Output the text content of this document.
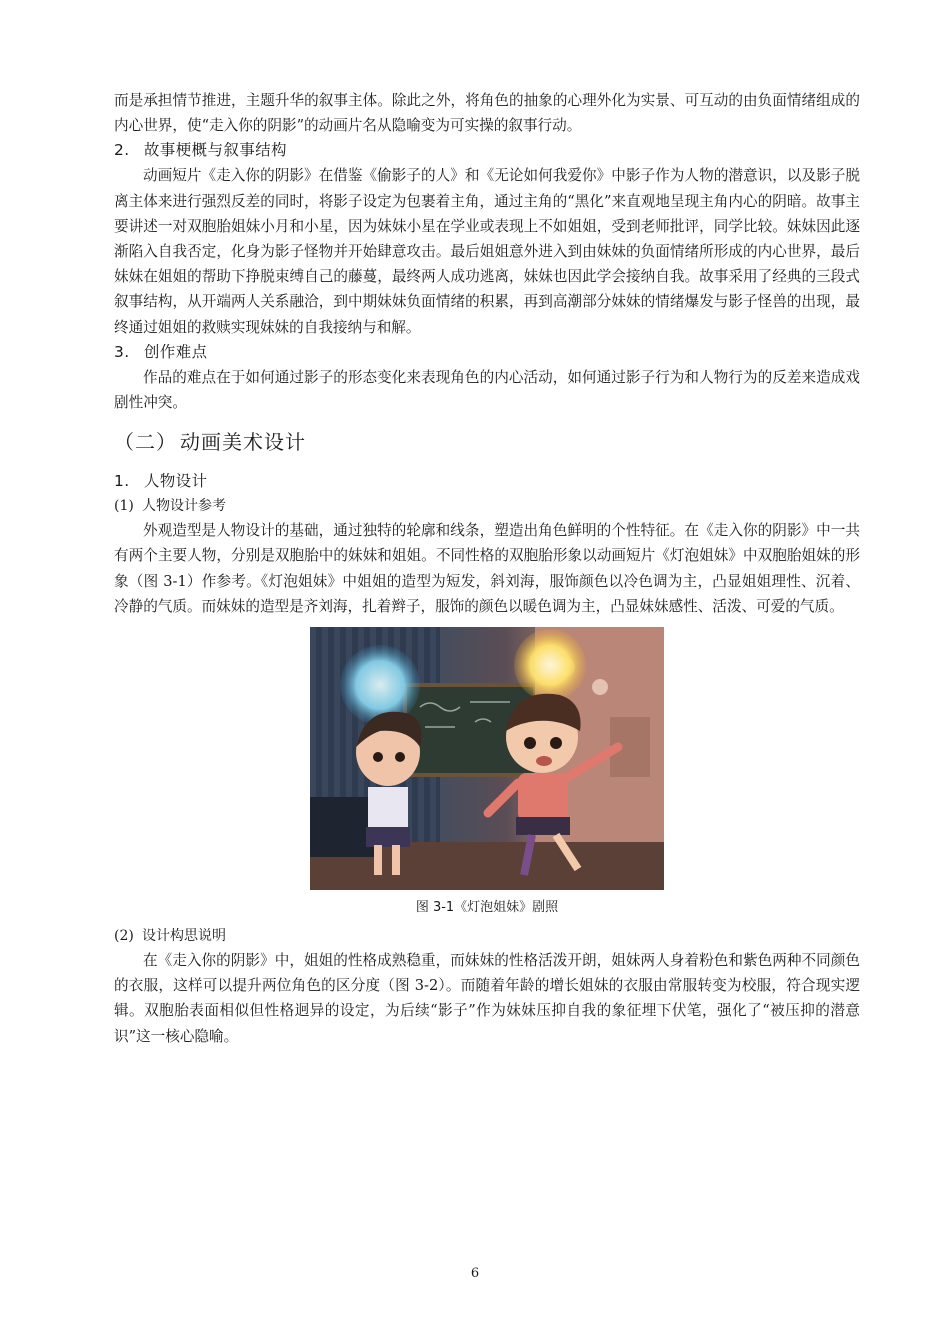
而是承担情节推进，主题升华的叙事主体。除此之外，将角色的抽象的心理外化为实景、可互动的由负面情绪组成的内心世界，使“走入你的阴影”的动画片名从隐喻变为可实操的叙事行动。

2. 故事梗概与叙事结构

动画短片《走入你的阴影》在借鉴《偷影子的人》和《无论如何我爱你》中影子作为人物的潜意识，以及影子脱离主体来进行强烈反差的同时，将影子设定为包裹着主角，通过主角的“黑化”来直观地呈现主角内心的阴暗。故事主要讲述一对双胞胎姐妹小月和小星，因为妹妹小星在学业或表现上不如姐姐，受到老师批评，同学比较。妹妹因此逐渐陷入自我否定，化身为影子怪物并开始肆意攻击。最后姐姐意外进入到由妹妹的负面情绪所形成的内心世界，最后妹妹在姐姐的帮助下挣脱束缚自己的藤蔓，最终两人成功逃离，妹妹也因此学会接纳自我。故事采用了经典的三段式叙事结构，从开端两人关系融洽，到中期妹妹负面情绪的积累，再到高潮部分妹妹的情绪爆发与影子怪兽的出现，最终通过姐姐的救赎实现妹妹的自我接纳与和解。

3. 创作难点

作品的难点在于如何通过影子的形态变化来表现角色的内心活动，如何通过影子行为和人物行为的反差来造成戏剧性冲突。

（二） 动画美术设计
1. 人物设计
(1) 人物设计参考

外观造型是人物设计的基础，通过独特的轮廓和线条，塑造出角色鲜明的个性特征。在《走入你的阴影》中一共有两个主要人物，分别是双胞胎中的妹妹和姐姐。不同性格的双胞胎形象以动画短片《灯泡姐妹》中双胞胎姐妹的形象（图 3-1）作参考。《灯泡姐妹》中姐姐的造型为短发，斜刘海，服饰颜色以冷色调为主，凸显姐姐理性、沉着、冷静的气质。而妹妹的造型是齐刘海，扎着辫子，服饰的颜色以暖色调为主，凸显妹妹感性、活泼、可爱的气质。

图 3-1《灯泡姐妹》剧照
(2) 设计构思说明

在《走入你的阴影》中，姐姐的性格成熟稳重，而妹妹的性格活泼开朗，姐妹两人身着粉色和紫色两种不同颜色的衣服，这样可以提升两位角色的区分度（图 3-2）。而随着年龄的增长姐妹的衣服由常服转变为校服，符合现实逻辑。双胞胎表面相似但性格迥异的设定，为后续“影子”作为妹妹压抑自我的象征埋下伏笔，强化了“被压抑的潜意识”这一核心隐喻。

6
